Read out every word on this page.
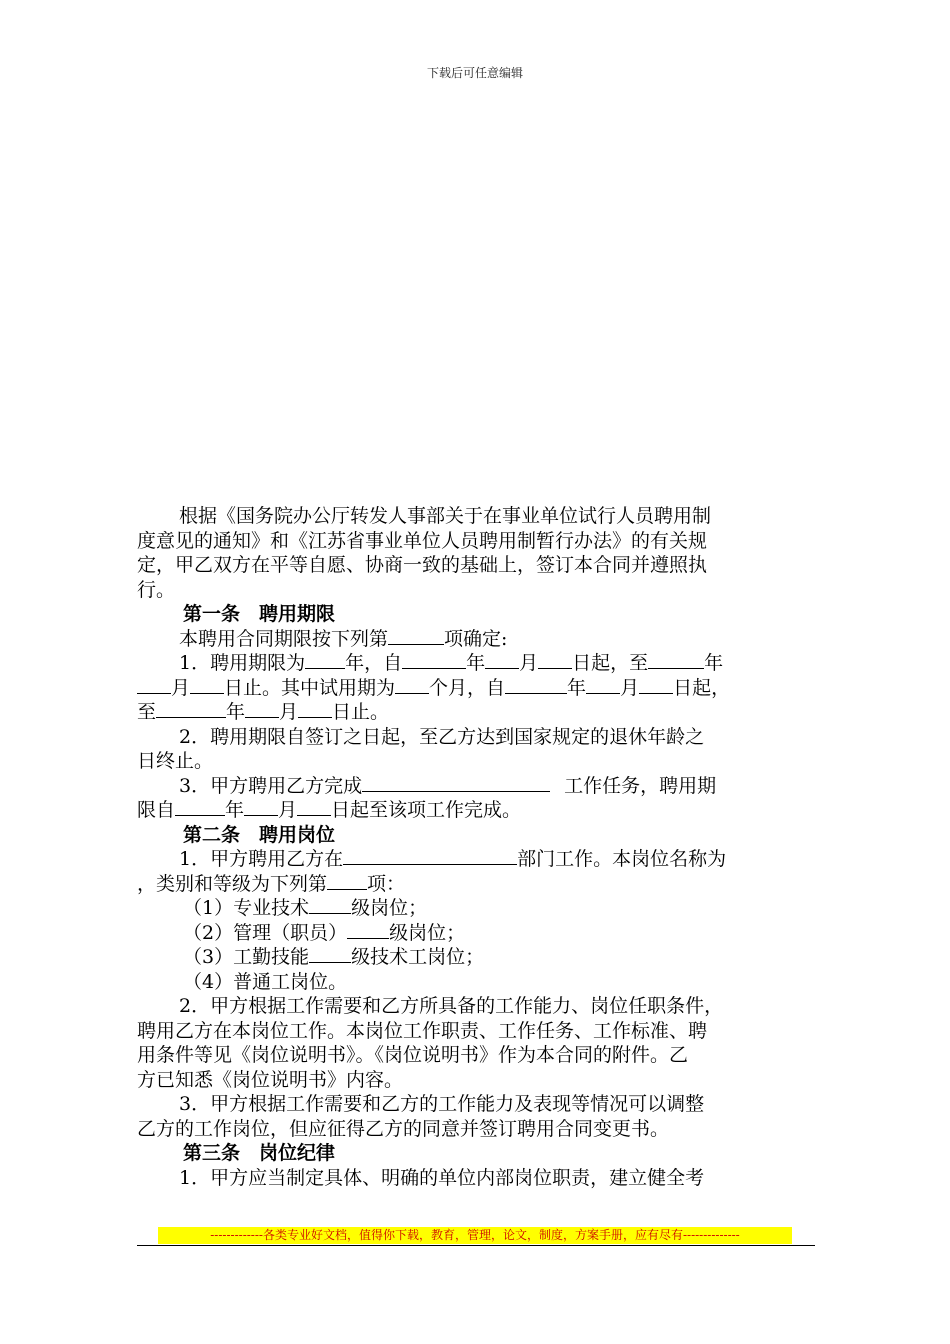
下载后可任意编辑
根据《国务院办公厅转发人事部关于在事业单位试行人员聘用制
度意见的通知》和《江苏省事业单位人员聘用制暂行办法》的有关规
定，甲乙双方在平等自愿、协商一致的基础上，签订本合同并遵照执
行。
第一条　聘用期限
本聘用合同期限按下列第	项确定:
1．聘用期限为 年，自	年 月 日起，至	年
月 日止。其中试用期为 个月，自	年 月 日起，
至	年 月 日止。
2．聘用期限自签订之日起，至乙方达到国家规定的退休年龄之
日终止。
3．甲方聘用乙方完成	工作任务，聘用期
限自	年 月 日起至该项工作完成。
第二条　聘用岗位
1．甲方聘用乙方在	部门工作。本岗位名称为
，类别和等级为下列第 项：
（1）专业技术 级岗位；
（2）管理（职员） 级岗位；
（3）工勤技能 级技术工岗位；
（4）普通工岗位。
2．甲方根据工作需要和乙方所具备的工作能力、岗位任职条件，
聘用乙方在本岗位工作。本岗位工作职责、工作任务、工作标准、聘
用条件等见《岗位说明书》。《岗位说明书》作为本合同的附件。乙
方已知悉《岗位说明书》内容。
3．甲方根据工作需要和乙方的工作能力及表现等情况可以调整
乙方的工作岗位，但应征得乙方的同意并签订聘用合同变更书。
第三条　岗位纪律
1．甲方应当制定具体、明确的单位内部岗位职责，建立健全考
-------------各类专业好文档，值得你下载，教育，管理，论文，制度，方案手册，应有尽有--------------
